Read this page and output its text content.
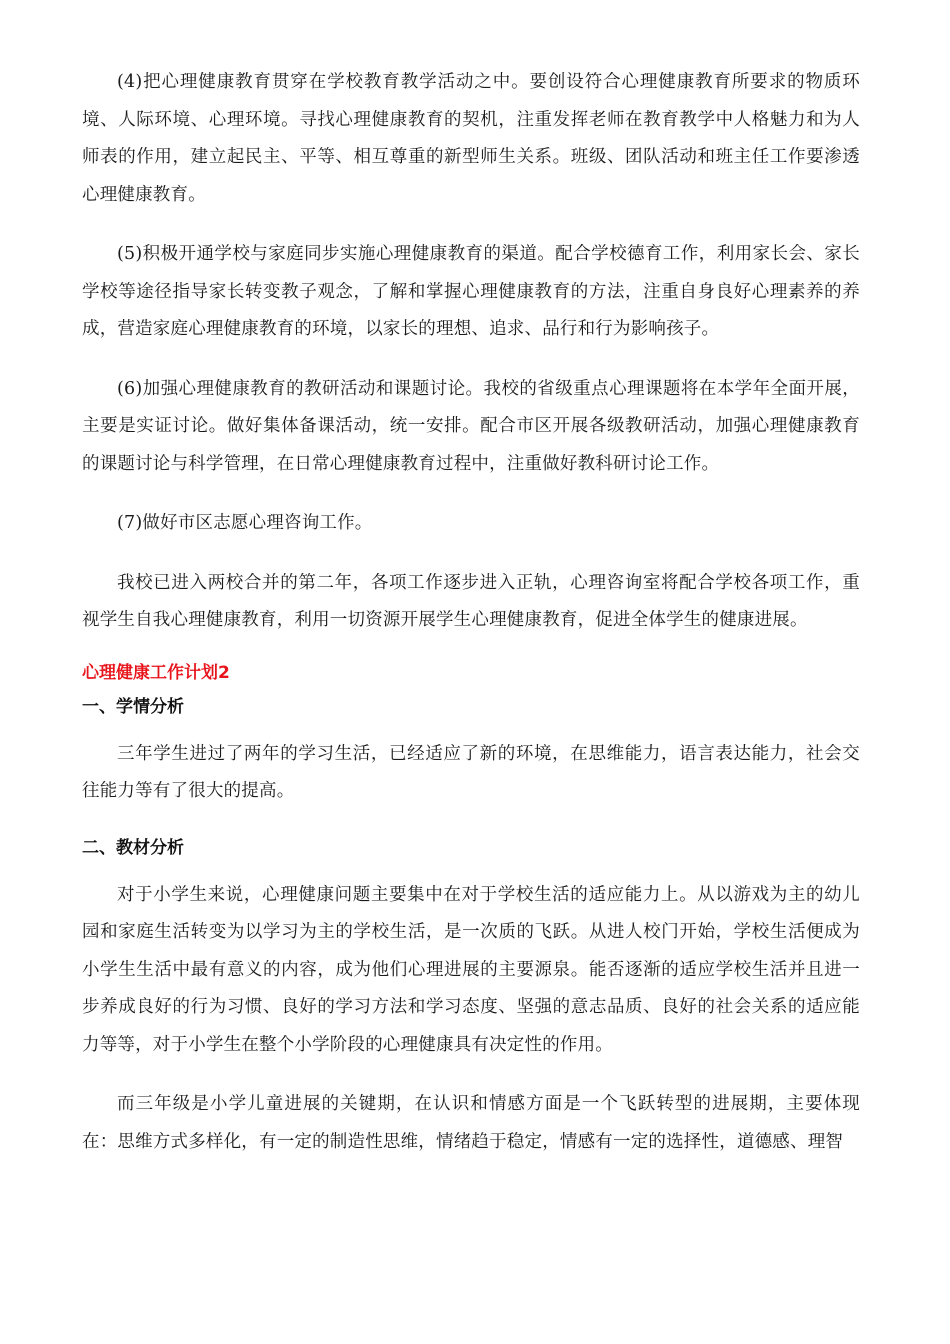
(4)把心理健康教育贯穿在学校教育教学活动之中。要创设符合心理健康教育所要求的物质环境、人际环境、心理环境。寻找心理健康教育的契机，注重发挥老师在教育教学中人格魅力和为人师表的作用，建立起民主、平等、相互尊重的新型师生关系。班级、团队活动和班主任工作要渗透心理健康教育。

(5)积极开通学校与家庭同步实施心理健康教育的渠道。配合学校德育工作，利用家长会、家长学校等途径指导家长转变教子观念，了解和掌握心理健康教育的方法，注重自身良好心理素养的养成，营造家庭心理健康教育的环境，以家长的理想、追求、品行和行为影响孩子。

(6)加强心理健康教育的教研活动和课题讨论。我校的省级重点心理课题将在本学年全面开展，主要是实证讨论。做好集体备课活动，统一安排。配合市区开展各级教研活动，加强心理健康教育的课题讨论与科学管理，在日常心理健康教育过程中，注重做好教科研讨论工作。

(7)做好市区志愿心理咨询工作。

我校已进入两校合并的第二年，各项工作逐步进入正轨，心理咨询室将配合学校各项工作，重视学生自我心理健康教育，利用一切资源开展学生心理健康教育，促进全体学生的健康进展。

心理健康工作计划2
一、学情分析

三年学生进过了两年的学习生活，已经适应了新的环境，在思维能力，语言表达能力，社会交往能力等有了很大的提高。

二、教材分析

对于小学生来说，心理健康问题主要集中在对于学校生活的适应能力上。从以游戏为主的幼儿园和家庭生活转变为以学习为主的学校生活，是一次质的飞跃。从进人校门开始，学校生活便成为小学生生活中最有意义的内容，成为他们心理进展的主要源泉。能否逐渐的适应学校生活并且进一步养成良好的行为习惯、良好的学习方法和学习态度、坚强的意志品质、良好的社会关系的适应能力等等，对于小学生在整个小学阶段的心理健康具有决定性的作用。

而三年级是小学儿童进展的关键期，在认识和情感方面是一个飞跃转型的进展期，主要体现在：思维方式多样化，有一定的制造性思维，情绪趋于稳定，情感有一定的选择性，道德感、理智
